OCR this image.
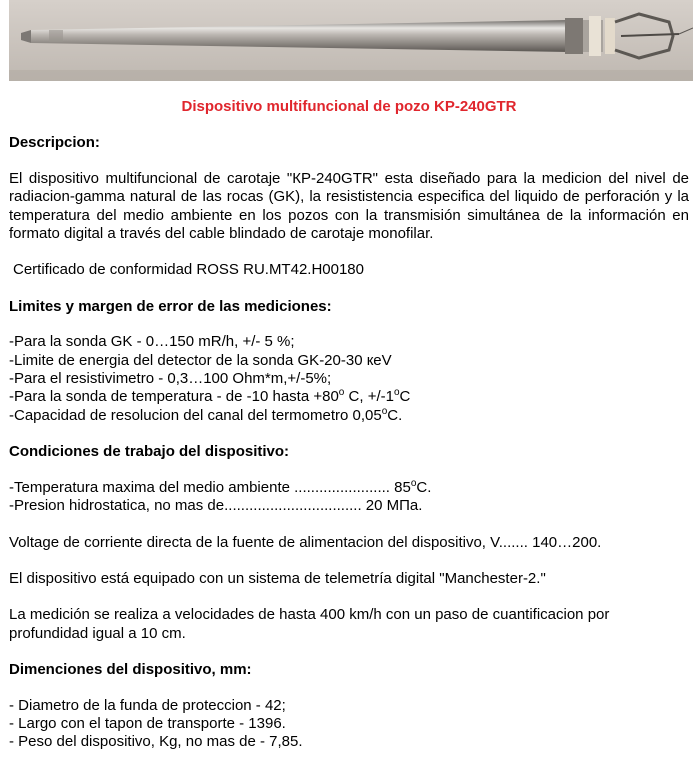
Dispositivo multifuncional de pozo KP-240GTR
Descripcion:

El dispositivo multifuncional de carotaje "КР-240GTR" esta diseñado para la medicion del nivel de radiacion-gamma natural de las rocas (GK), la resististencia especifica del liquido de perforación y la temperatura del medio ambiente en los pozos con la transmisión simultánea de la información en formato digital a través del cable blindado de carotaje monofilar.

Certificado de conformidad ROSS RU.MT42.H00180

Limites y margen de error de las mediciones:
-Para la sonda GK - 0…150 mR/h, +/- 5 %;
-Limite de energia del detector de la sonda GK-20-30 кeV
-Para el resistivimetro - 0,3…100 Ohm*m,+/-5%;
-Para la sonda de temperatura - de -10 hasta $+80^o$ C, $+/-1^oC$
-Capacidad de resolucion del canal del termometro 0,05$^o$C.
Condiciones de trabajo del dispositivo:
-Temperatura maxima del medio ambiente ....................... 85$^o$C.
-Presion hidrostatica, no mas de................................. 20 MПa.

Voltage de corriente directa de la fuente de alimentacion del dispositivo, V....... 140…200.

El dispositivo está equipado con un sistema de telemetría digital "Manchester-2."

La medición se realiza a velocidades de hasta 400 km/h con un paso de cuantificacion por profundidad igual a 10 cm.

Dimenciones del dispositivo, mm:
- Diametro de la funda de proteccion - 42;
- Largo con el tapon de transporte - 1396.
- Peso del dispositivo, Kg, no mas de - 7,85.
